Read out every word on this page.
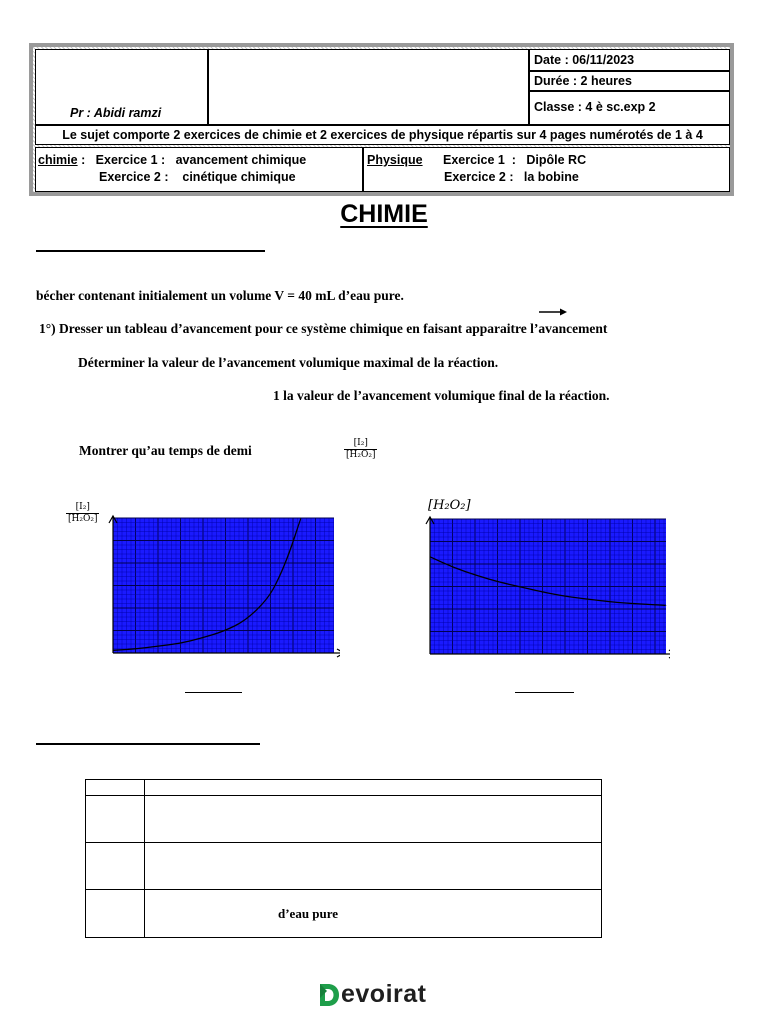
Date : 06/11/2023
Durée : 2 heures
Classe : 4 è sc.exp 2
Le sujet comporte 2 exercices de chimie et 2 exercices de physique répartis sur 4 pages numérotés de 1 à 4
chimie :   Exercice 1 :   avancement chimique
Exercice 2 :    cinétique chimique
Physique Exercice 1  :   Dipôle RC
Exercice 2 :   la bobine
Pr : Abidi ramzi
CHIMIE
bécher contenant initialement un volume V = 40 mL d’eau pure.
1°) Dresser un tableau d’avancement pour ce système chimique en faisant apparaitre l’avancement
Déterminer la valeur de l’avancement volumique maximal de la réaction.
1 la valeur de l’avancement volumique final de la réaction.
Montrer qu’au temps de demi	$\frac{\text{[I₂]}}{\text{[H₂O₂]}}$
$\frac{\text{[I₂]}}{\text{[H₂O₂]}}$	[H₂O₂]

	d’eau pure
evoirat
